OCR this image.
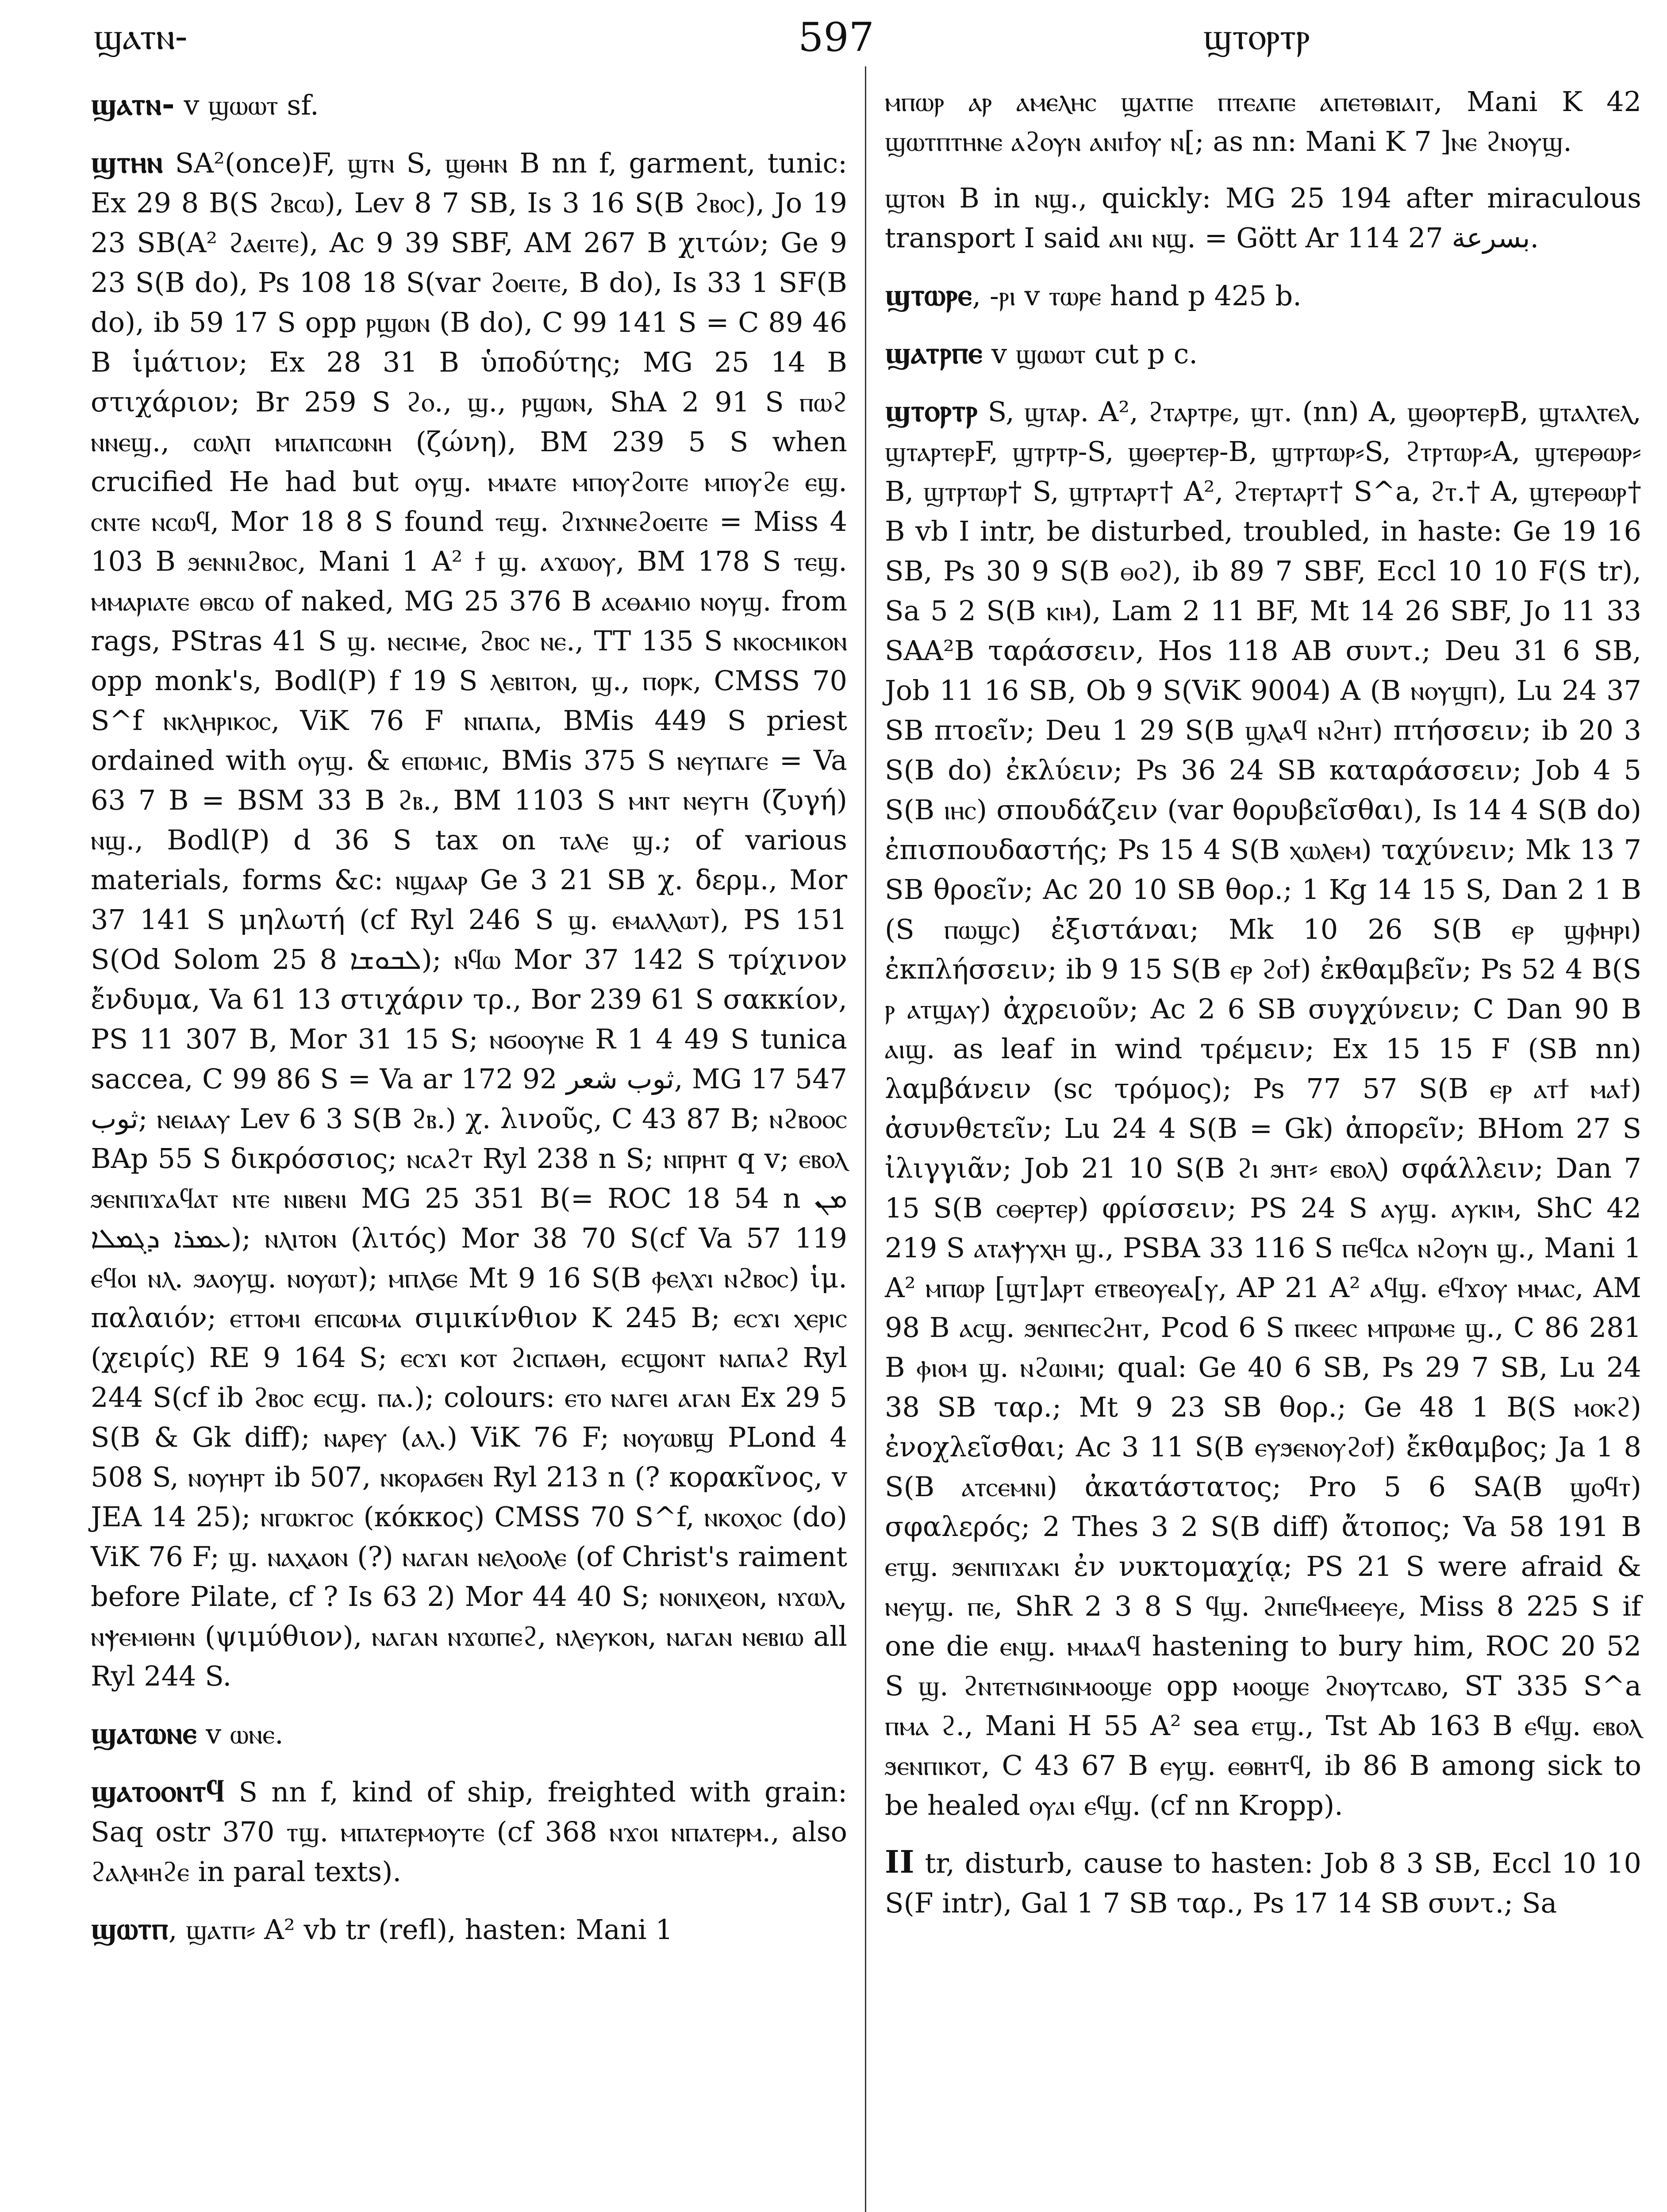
ϣⲁⲧⲛ-	597	ϣⲧⲟⲣⲧⲣ
ϣⲁⲧⲛ- v ϣⲱⲱⲧ sf.
ϣⲧⲏⲛ SA²(once)F, ϣⲧⲛ S, ϣⲑⲏⲛ B nn f, garment, tunic: Ex 29 8 B(S ϩⲃⲥⲱ), Lev 8 7 SB, Is 3 16 S(B ϩⲃⲟⲥ), Jo 19 23 SB(A² ϩⲁⲉⲓⲧⲉ), Ac 9 39 SBF, AM 267 B χιτών; Ge 9 23 S(B do), Ps 108 18 S(var ϩⲟⲉⲓⲧⲉ, B do), Is 33 1 SF(B do), ib 59 17 S opp ⲣϣⲱⲛ (B do), C 99 141 S = C 89 46 B ἱμάτιον; Ex 28 31 B ὑποδύτης; MG 25 14 B στιχάριον; Br 259 S ϩⲟ., ϣ., ⲣϣⲱⲛ, ShA 2 91 S ⲡⲱϩ ⲛⲛⲉϣ., ⲥⲱⲗⲡ ⲙⲡⲁⲡⲥⲱⲛⲏ (ζώνη), BM 239 5 S when crucified He had but ⲟⲩϣ. ⲙⲙⲁⲧⲉ ⲙⲡⲟⲩϩⲟⲓⲧⲉ ⲙⲡⲟⲩϩⲉ ⲉϣ. ⲥⲛⲧⲉ ⲛⲥⲱϥ, Mor 18 8 S found ⲧⲉϣ. ϩⲓϫⲛⲛⲉϩⲟⲉⲓⲧⲉ = Miss 4 103 B ϧⲉⲛⲛⲓϩⲃⲟⲥ, Mani 1 A² ϯ ϣ. ⲁϫⲱⲟⲩ, BM 178 S ⲧⲉϣ. ⲙⲙⲁⲣⲓⲁⲧⲉ ⲑⲃⲥⲱ of naked, MG 25 376 B ⲁⲥⲑⲁⲙⲓⲟ ⲛⲟⲩϣ. from rags, PStras 41 S ϣ. ⲛⲉⲥⲓⲙⲉ, ϩⲃⲟⲥ ⲛⲉ., TT 135 S ⲛⲕⲟⲥⲙⲓⲕⲟⲛ opp monk's, Bodl(P) f 19 S ⲗⲉⲃⲓⲧⲟⲛ, ϣ., ⲡⲟⲣⲕ, CMSS 70 S^f ⲛⲕⲗⲏⲣⲓⲕⲟⲥ, ViK 76 F ⲛⲡⲁⲡⲁ, BMis 449 S priest ordained with ⲟⲩϣ. & ⲉⲡⲱⲙⲓⲥ, BMis 375 S ⲛⲉⲩⲡⲁⲅⲉ = Va 63 7 B = BSM 33 B ϩⲃ., BM 1103 S ⲙⲛⲧ ⲛⲉⲩⲅⲏ (ζυγή) ⲛϣ., Bodl(P) d 36 S tax on ⲧⲁⲗⲉ ϣ.; of various materials, forms &c: ⲛϣⲁⲁⲣ Ge 3 21 SB χ. δερμ., Mor 37 141 S μηλωτή (cf Ryl 246 S ϣ. ⲉⲙⲁⲗⲗⲱⲧ), PS 151 S(Od Solom 25 8 ܠܒܘܫܐ); ⲛϥⲱ Mor 37 142 S τρίχινον ἔνδυμα, Va 61 13 στιχάριν τρ., Bor 239 61 S σακκίον, PS 11 307 B, Mor 31 15 S; ⲛϭⲟⲟⲩⲛⲉ R 1 4 49 S tunica saccea, C 99 86 S = Va ar 172 92 ﺛﻮﺏ ﺷﻌﺮ, MG 17 547 ﺛﻮﺏ; ⲛⲉⲓⲁⲁⲩ Lev 6 3 S(B ϩⲃ.) χ. λινοῦς, C 43 87 B; ⲛϩⲃⲟⲟⲥ BAp 55 S δικρόσσιος; ⲛⲥⲁϩⲧ Ryl 238 n S; ⲛⲡⲣⲏⲧ q v; ⲉⲃⲟⲗ ϧⲉⲛⲡⲓϫⲁϥⲁⲧ ⲛⲧⲉ ⲛⲓⲃⲉⲛⲓ MG 25 351 B(= ROC 18 54 n ܡܢ ܥܡܪܐ ܕܓܡܠܐ); ⲛⲗⲓⲧⲟⲛ (λιτός) Mor 38 70 S(cf Va 57 119 ⲉϥⲟⲓ ⲛⲗ. ϧⲁⲟⲩϣ. ⲛⲟⲩⲱⲧ); ⲙⲡⲗϭⲉ Mt 9 16 S(B ⲫⲉⲗϫⲓ ⲛϩⲃⲟⲥ) ἱμ. παλαιόν; ⲉⲧⲧⲟⲙⲓ ⲉⲡⲥⲱⲙⲁ σιμικίνθιον K 245 B; ⲉⲥϫⲓ ⲭⲉⲣⲓⲥ (χειρίς) RE 9 164 S; ⲉⲥϫⲓ ⲕⲟⲧ ϩⲓⲥⲡⲁⲑⲏ, ⲉⲥϣⲟⲛⲧ ⲛⲁⲡⲁϩ Ryl 244 S(cf ib ϩⲃⲟⲥ ⲉⲥϣ. ⲡⲁ.); colours: ⲉⲧⲟ ⲛⲁⲅⲉⲓ ⲁⲅⲁⲛ Ex 29 5 S(B & Gk diff); ⲛⲁⲣⲉⲩ (ⲁⲗ.) ViK 76 F; ⲛⲟⲩⲱⲃϣ PLond 4 508 S, ⲛⲟⲩⲏⲣⲧ ib 507, ⲛⲕⲟⲣⲁϭⲉⲛ Ryl 213 n (? κορακῖνος, v JEA 14 25); ⲛⲅⲱⲕⲅⲟⲥ (κόκκος) CMSS 70 S^f, ⲛⲕⲟⲭⲟⲥ (do) ViK 76 F; ϣ. ⲛⲁⲭⲁⲟⲛ (?) ⲛⲁⲅⲁⲛ ⲛⲉⲗⲟⲟⲗⲉ (of Christ's raiment before Pilate, cf ? Is 63 2) Mor 44 40 S; ⲛⲟⲛⲓⲭⲉⲟⲛ, ⲛϫⲱⲗ, ⲛⲯⲉⲙⲓⲑⲏⲛ (ψιμύθιον), ⲛⲁⲅⲁⲛ ⲛϫⲱⲡⲉϩ, ⲛⲗⲉⲩⲕⲟⲛ, ⲛⲁⲅⲁⲛ ⲛⲉⲃⲓⲱ all Ryl 244 S.
ϣⲁⲧⲱⲛⲉ v ⲱⲛⲉ.
ϣⲁⲧⲟⲟⲛⲧϥ S nn f, kind of ship, freighted with grain: Saq ostr 370 ⲧϣ. ⲙⲡⲁⲧⲉⲣⲙⲟⲩⲧⲉ (cf 368 ⲛϫⲟⲓ ⲛⲡⲁⲧⲉⲣⲙ., also ϩⲁⲗⲙⲏϩⲉ in paral texts).
ϣⲱⲧⲡ, ϣⲁⲧⲡ⸗ A² vb tr (refl), hasten: Mani 1
ⲙⲡⲱⲣ ⲁⲣ ⲁⲙⲉⲗⲏⲥ ϣⲁⲧⲡⲉ ⲡⲧⲉⲁⲡⲉ ⲁⲡⲉⲧⲑⲃⲓⲁⲓⲧ, Mani K 42 ϣⲱⲧⲡⲧⲏⲛⲉ ⲁϩⲟⲩⲛ ⲁⲛⲓϯⲟⲩ ⲛ[; as nn: Mani K 7 ]ⲛⲉ ϩⲛⲟⲩϣ.
ϣⲧⲟⲛ B in ⲛϣ., quickly: MG 25 194 after miraculous transport I said ⲁⲛⲓ ⲛϣ. = Gött Ar 114 27 ﺑﺴﺮﻋﺔ.
ϣⲧⲱⲣⲉ, -ⲣⲓ v ⲧⲱⲣⲉ hand p 425 b.
ϣⲁⲧⲣⲡⲉ v ϣⲱⲱⲧ cut p c.
ϣⲧⲟⲣⲧⲣ S, ϣⲧⲁⲣ. A², ϩⲧⲁⲣⲧⲣⲉ, ϣⲧ. (nn) A, ϣⲑⲟⲣⲧⲉⲣB, ϣⲧⲁⲗⲧⲉⲗ, ϣⲧⲁⲣⲧⲉⲣF, ϣⲧⲣⲧⲣ-S, ϣⲑⲉⲣⲧⲉⲣ-B, ϣⲧⲣⲧⲱⲣ⸗S, ϩⲧⲣⲧⲱⲣ⸗A, ϣⲧⲉⲣⲑⲱⲣ⸗B, ϣⲧⲣⲧⲱⲣ† S, ϣⲧⲣⲧⲁⲣⲧ† A², ϩⲧⲉⲣⲧⲁⲣⲧ† S^a, ϩⲧ.† A, ϣⲧⲉⲣⲑⲱⲣ† B vb I intr, be disturbed, troubled, in haste: Ge 19 16 SB, Ps 30 9 S(B ⲑⲟϩ), ib 89 7 SBF, Eccl 10 10 F(S tr), Sa 5 2 S(B ⲕⲓⲙ), Lam 2 11 BF, Mt 14 26 SBF, Jo 11 33 SAA²B ταράσσειν, Hos 118 AB συντ.; Deu 31 6 SB, Job 11 16 SB, Ob 9 S(ViK 9004) A (B ⲛⲟⲩϣⲡ), Lu 24 37 SB πτοεῖν; Deu 1 29 S(B ϣⲗⲁϥ ⲛϩⲏⲧ) πτήσσειν; ib 20 3 S(B do) ἐκλύειν; Ps 36 24 SB καταράσσειν; Job 4 5 S(B ⲓⲏⲥ) σπουδάζειν (var θορυβεῖσθαι), Is 14 4 S(B do) ἐπισπουδαστής; Ps 15 4 S(B ⲭⲱⲗⲉⲙ) ταχύνειν; Mk 13 7 SB θροεῖν; Ac 20 10 SB θορ.; 1 Kg 14 15 S, Dan 2 1 B (S ⲡⲱϣⲥ) ἐξιστάναι; Mk 10 26 S(B ⲉⲣ ϣⲫⲏⲣⲓ) ἐκπλήσσειν; ib 9 15 S(B ⲉⲣ ϩⲟϯ) ἐκθαμβεῖν; Ps 52 4 B(S ⲣ ⲁⲧϣⲁⲩ) ἀχρειοῦν; Ac 2 6 SB συγχύνειν; C Dan 90 B ⲁⲓϣ. as leaf in wind τρέμειν; Ex 15 15 F (SB nn) λαμβάνειν (sc τρόμος); Ps 77 57 S(B ⲉⲣ ⲁⲧϯ ⲙⲁϯ) ἀσυνθετεῖν; Lu 24 4 S(B = Gk) ἀπορεῖν; BHom 27 S ἰλιγγιᾶν; Job 21 10 S(B ϩⲓ ϧⲏⲧ⸗ ⲉⲃⲟⲗ) σφάλλειν; Dan 7 15 S(B ⲥⲑⲉⲣⲧⲉⲣ) φρίσσειν; PS 24 S ⲁⲩϣ. ⲁⲩⲕⲓⲙ, ShC 42 219 S ⲁⲧⲁⲯⲩⲭⲏ ϣ., PSBA 33 116 S ⲡⲉϥⲥⲁ ⲛϩⲟⲩⲛ ϣ., Mani 1 A² ⲙⲡⲱⲣ [ϣⲧ]ⲁⲣⲧ ⲉⲧⲃⲉⲟⲩⲉⲁ[ⲩ, AP 21 A² ⲁϥϣ. ⲉϥϫⲟⲩ ⲙⲙⲁⲥ, AM 98 B ⲁⲥϣ. ϧⲉⲛⲡⲉⲥϩⲏⲧ, Pcod 6 S ⲡⲕⲉⲉⲥ ⲙⲡⲣⲱⲙⲉ ϣ., C 86 281 B ⲫⲓⲟⲙ ϣ. ⲛϩⲱⲓⲙⲓ; qual: Ge 40 6 SB, Ps 29 7 SB, Lu 24 38 SB ταρ.; Mt 9 23 SB θορ.; Ge 48 1 B(S ⲙⲟⲕϩ) ἐνοχλεῖσθαι; Ac 3 11 S(B ⲉⲩϧⲉⲛⲟⲩϩⲟϯ) ἔκθαμβος; Ja 1 8 S(B ⲁⲧⲥⲉⲙⲛⲓ) ἀκατάστατος; Pro 5 6 SA(B ϣⲟϥⲧ) σφαλερός; 2 Thes 3 2 S(B diff) ἄτοπος; Va 58 191 B ⲉⲧϣ. ϧⲉⲛⲡⲓϫⲁⲕⲓ ἐν νυκτομαχίᾳ; PS 21 S were afraid & ⲛⲉⲩϣ. ⲡⲉ, ShR 2 3 8 S ϥϣ. ϩⲛⲡⲉϥⲙⲉⲉⲩⲉ, Miss 8 225 S if one die ⲉⲛϣ. ⲙⲙⲁⲁϥ hastening to bury him, ROC 20 52 S ϣ. ϩⲛⲧⲉⲧⲛϭⲓⲛⲙⲟⲟϣⲉ opp ⲙⲟⲟϣⲉ ϩⲛⲟⲩⲧⲥⲁⲃⲟ, ST 335 S^a ⲡⲙⲁ ϩ., Mani H 55 A² sea ⲉⲧϣ., Tst Ab 163 B ⲉϥϣ. ⲉⲃⲟⲗ ϧⲉⲛⲡⲓⲕⲟⲧ, C 43 67 B ⲉⲩϣ. ⲉⲑⲃⲏⲧϥ, ib 86 B among sick to be healed ⲟⲩⲁⲓ ⲉϥϣ. (cf nn Kropp).
II tr, disturb, cause to hasten: Job 8 3 SB, Eccl 10 10 S(F intr), Gal 1 7 SB ταρ., Ps 17 14 SB συντ.; Sa
